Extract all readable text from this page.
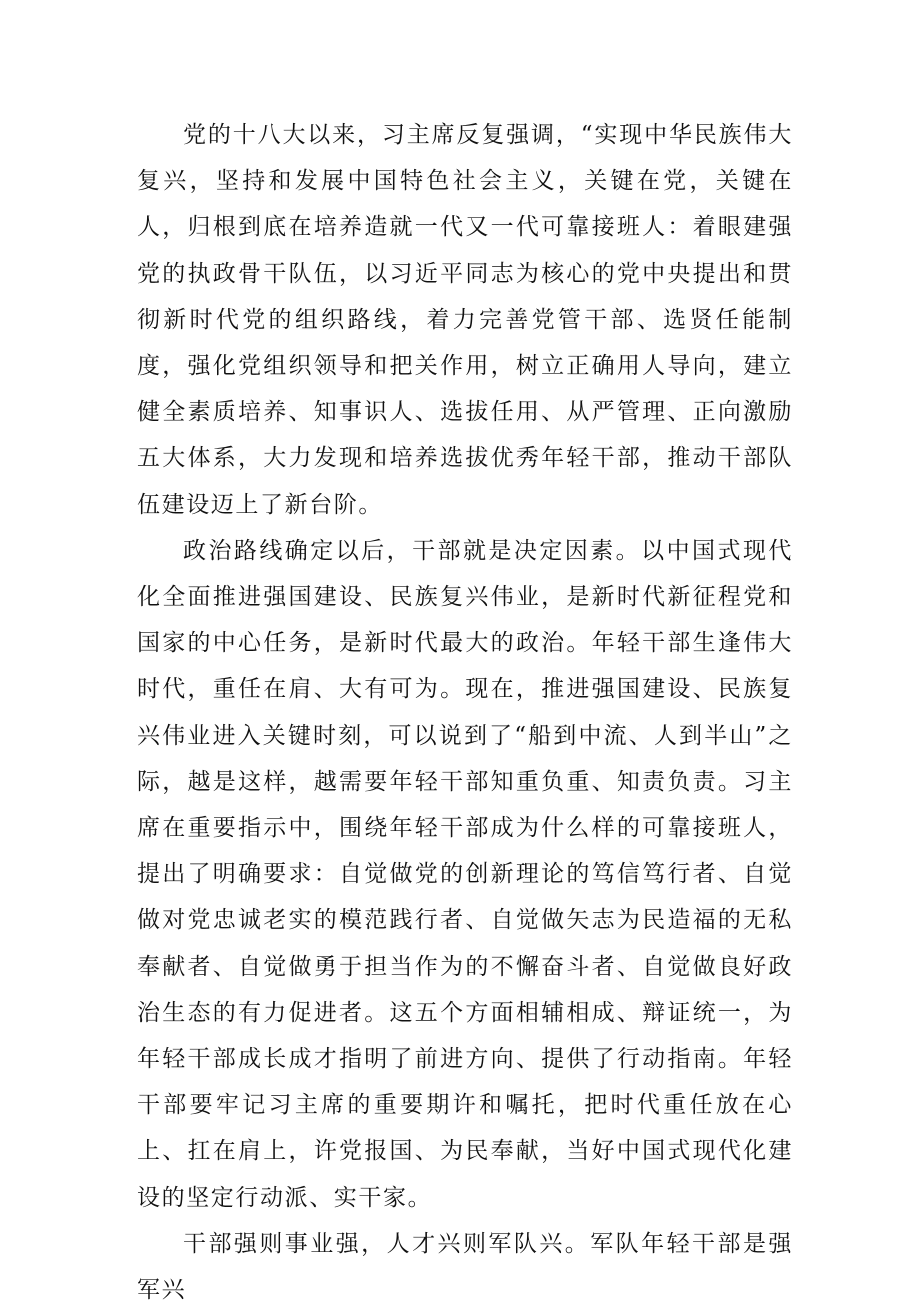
党的十八大以来，习主席反复强调，“实现中华民族伟大复兴，坚持和发展中国特色社会主义，关键在党，关键在人，归根到底在培养造就一代又一代可靠接班人：着眼建强党的执政骨干队伍，以习近平同志为核心的党中央提出和贯彻新时代党的组织路线，着力完善党管干部、选贤任能制度，强化党组织领导和把关作用，树立正确用人导向，建立健全素质培养、知事识人、选拔任用、从严管理、正向激励五大体系，大力发现和培养选拔优秀年轻干部，推动干部队伍建设迈上了新台阶。

政治路线确定以后，干部就是决定因素。以中国式现代化全面推进强国建设、民族复兴伟业，是新时代新征程党和国家的中心任务，是新时代最大的政治。年轻干部生逢伟大时代，重任在肩、大有可为。现在，推进强国建设、民族复兴伟业进入关键时刻，可以说到了“船到中流、人到半山”之际，越是这样，越需要年轻干部知重负重、知责负责。习主席在重要指示中，围绕年轻干部成为什么样的可靠接班人，提出了明确要求：自觉做党的创新理论的笃信笃行者、自觉做对党忠诚老实的模范践行者、自觉做矢志为民造福的无私奉献者、自觉做勇于担当作为的不懈奋斗者、自觉做良好政治生态的有力促进者。这五个方面相辅相成、辩证统一，为年轻干部成长成才指明了前进方向、提供了行动指南。年轻干部要牢记习主席的重要期许和嘱托，把时代重任放在心上、扛在肩上，许党报国、为民奉献，当好中国式现代化建设的坚定行动派、实干家。

干部强则事业强，人才兴则军队兴。军队年轻干部是强军兴
